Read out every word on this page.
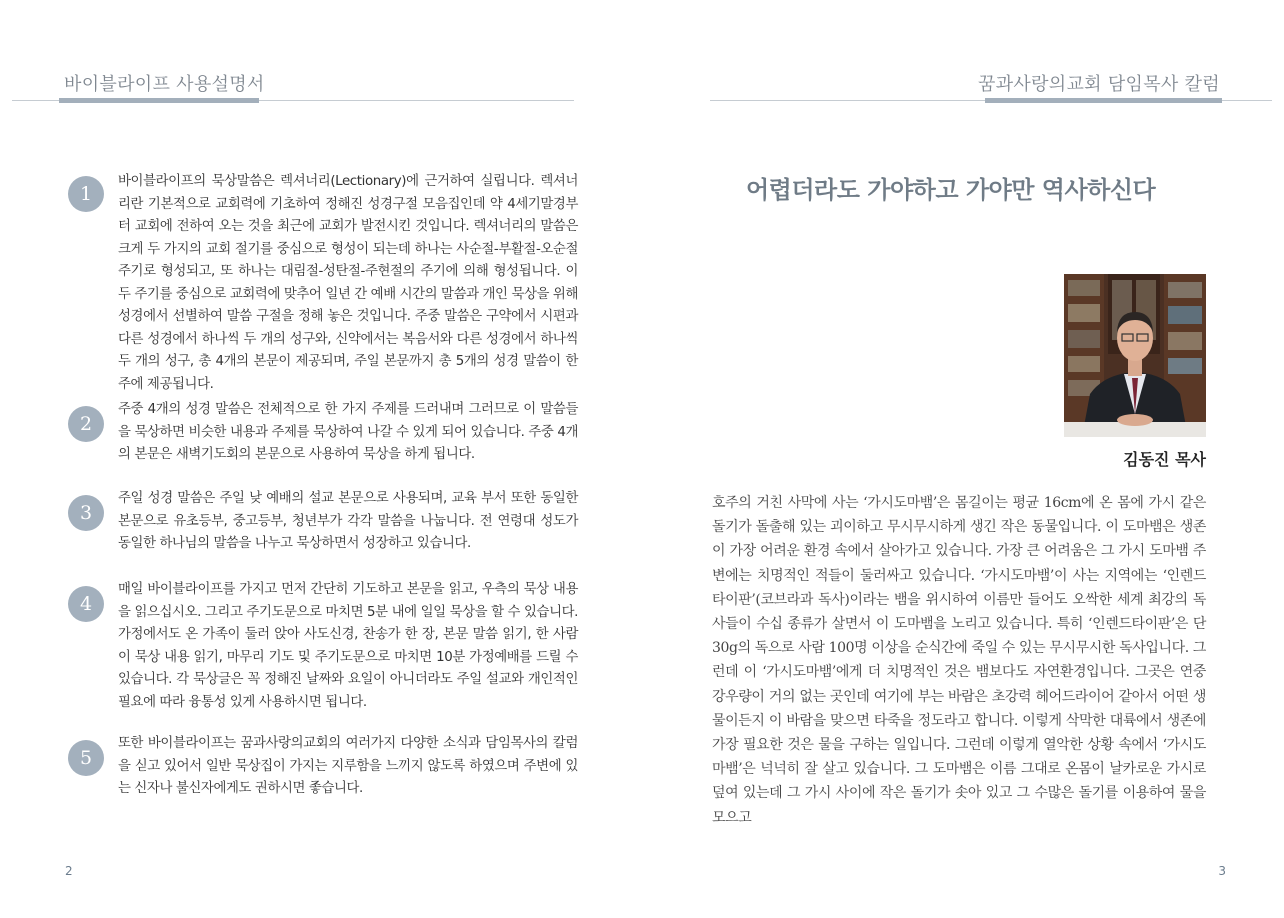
바이블라이프 사용설명서
1
바이블라이프의 묵상말씀은 렉셔너리(Lectionary)에 근거하여 실립니다. 렉셔너리란 기본적으로 교회력에 기초하여 정해진 성경구절 모음집인데 약 4세기말경부터 교회에 전하여 오는 것을 최근에 교회가 발전시킨 것입니다. 렉셔너리의 말씀은 크게 두 가지의 교회 절기를 중심으로 형성이 되는데 하나는 사순절-부활절-오순절 주기로 형성되고, 또 하나는 대림절-성탄절-주현절의 주기에 의해 형성됩니다. 이 두 주기를 중심으로 교회력에 맞추어 일년 간 예배 시간의 말씀과 개인 묵상을 위해 성경에서 선별하여 말씀 구절을 정해 놓은 것입니다. 주중 말씀은 구약에서 시편과 다른 성경에서 하나씩 두 개의 성구와, 신약에서는 복음서와 다른 성경에서 하나씩 두 개의 성구, 총 4개의 본문이 제공되며, 주일 본문까지 총 5개의 성경 말씀이 한 주에 제공됩니다.
2
주중 4개의 성경 말씀은 전체적으로 한 가지 주제를 드러내며 그러므로 이 말씀들을 묵상하면 비슷한 내용과 주제를 묵상하여 나갈 수 있게 되어 있습니다. 주중 4개의 본문은 새벽기도회의 본문으로 사용하여 묵상을 하게 됩니다.
3
주일 성경 말씀은 주일 낮 예배의 설교 본문으로 사용되며, 교육 부서 또한 동일한 본문으로 유초등부, 중고등부, 청년부가 각각 말씀을 나눕니다. 전 연령대 성도가 동일한 하나님의 말씀을 나누고 묵상하면서 성장하고 있습니다.
4
매일 바이블라이프를 가지고 먼저 간단히 기도하고 본문을 읽고, 우측의 묵상 내용을 읽으십시오. 그리고 주기도문으로 마치면 5분 내에 일일 묵상을 할 수 있습니다. 가정에서도 온 가족이 둘러 앉아 사도신경, 찬송가 한 장, 본문 말씀 읽기, 한 사람이 묵상 내용 읽기, 마무리 기도 및 주기도문으로 마치면 10분 가정예배를 드릴 수 있습니다. 각 묵상글은 꼭 정해진 날짜와 요일이 아니더라도 주일 설교와 개인적인 필요에 따라 융통성 있게 사용하시면 됩니다.
5
또한 바이블라이프는 꿈과사랑의교회의 여러가지 다양한 소식과 담임목사의 칼럼을 싣고 있어서 일반 묵상집이 가지는 지루함을 느끼지 않도록 하였으며 주변에 있는 신자나 불신자에게도 권하시면 좋습니다.
2
꿈과사랑의교회 담임목사 칼럼
어렵더라도 가야하고 가야만 역사하신다
김동진 목사
호주의 거친 사막에 사는 ‘가시도마뱀’은 몸길이는 평균 16cm에 온 몸에 가시 같은 돌기가 돌출해 있는 괴이하고 무시무시하게 생긴 작은 동물입니다. 이 도마뱀은 생존이 가장 어려운 환경 속에서 살아가고 있습니다. 가장 큰 어려움은 그 가시 도마뱀 주변에는 치명적인 적들이 둘러싸고 있습니다. ‘가시도마뱀’이 사는 지역에는 ‘인렌드타이판’(코브라과 독사)이라는 뱀을 위시하여 이름만 들어도 오싹한 세계 최강의 독사들이 수십 종류가 살면서 이 도마뱀을 노리고 있습니다. 특히 ‘인렌드타이판’은 단 30g의 독으로 사람 100명 이상을 순식간에 죽일 수 있는 무시무시한 독사입니다. 그런데 이 ‘가시도마뱀’에게 더 치명적인 것은 뱀보다도 자연환경입니다. 그곳은 연중 강우량이 거의 없는 곳인데 여기에 부는 바람은 초강력 헤어드라이어 같아서 어떤 생물이든지 이 바람을 맞으면 타죽을 정도라고 합니다. 이렇게 삭막한 대륙에서 생존에 가장 필요한 것은 물을 구하는 일입니다. 그런데 이렇게 열악한 상황 속에서 ‘가시도마뱀’은 넉넉히 잘 살고 있습니다. 그 도마뱀은 이름 그대로 온몸이 날카로운 가시로 덮여 있는데 그 가시 사이에 작은 돌기가 솟아 있고 그 수많은 돌기를 이용하여 물을 모으고
3
